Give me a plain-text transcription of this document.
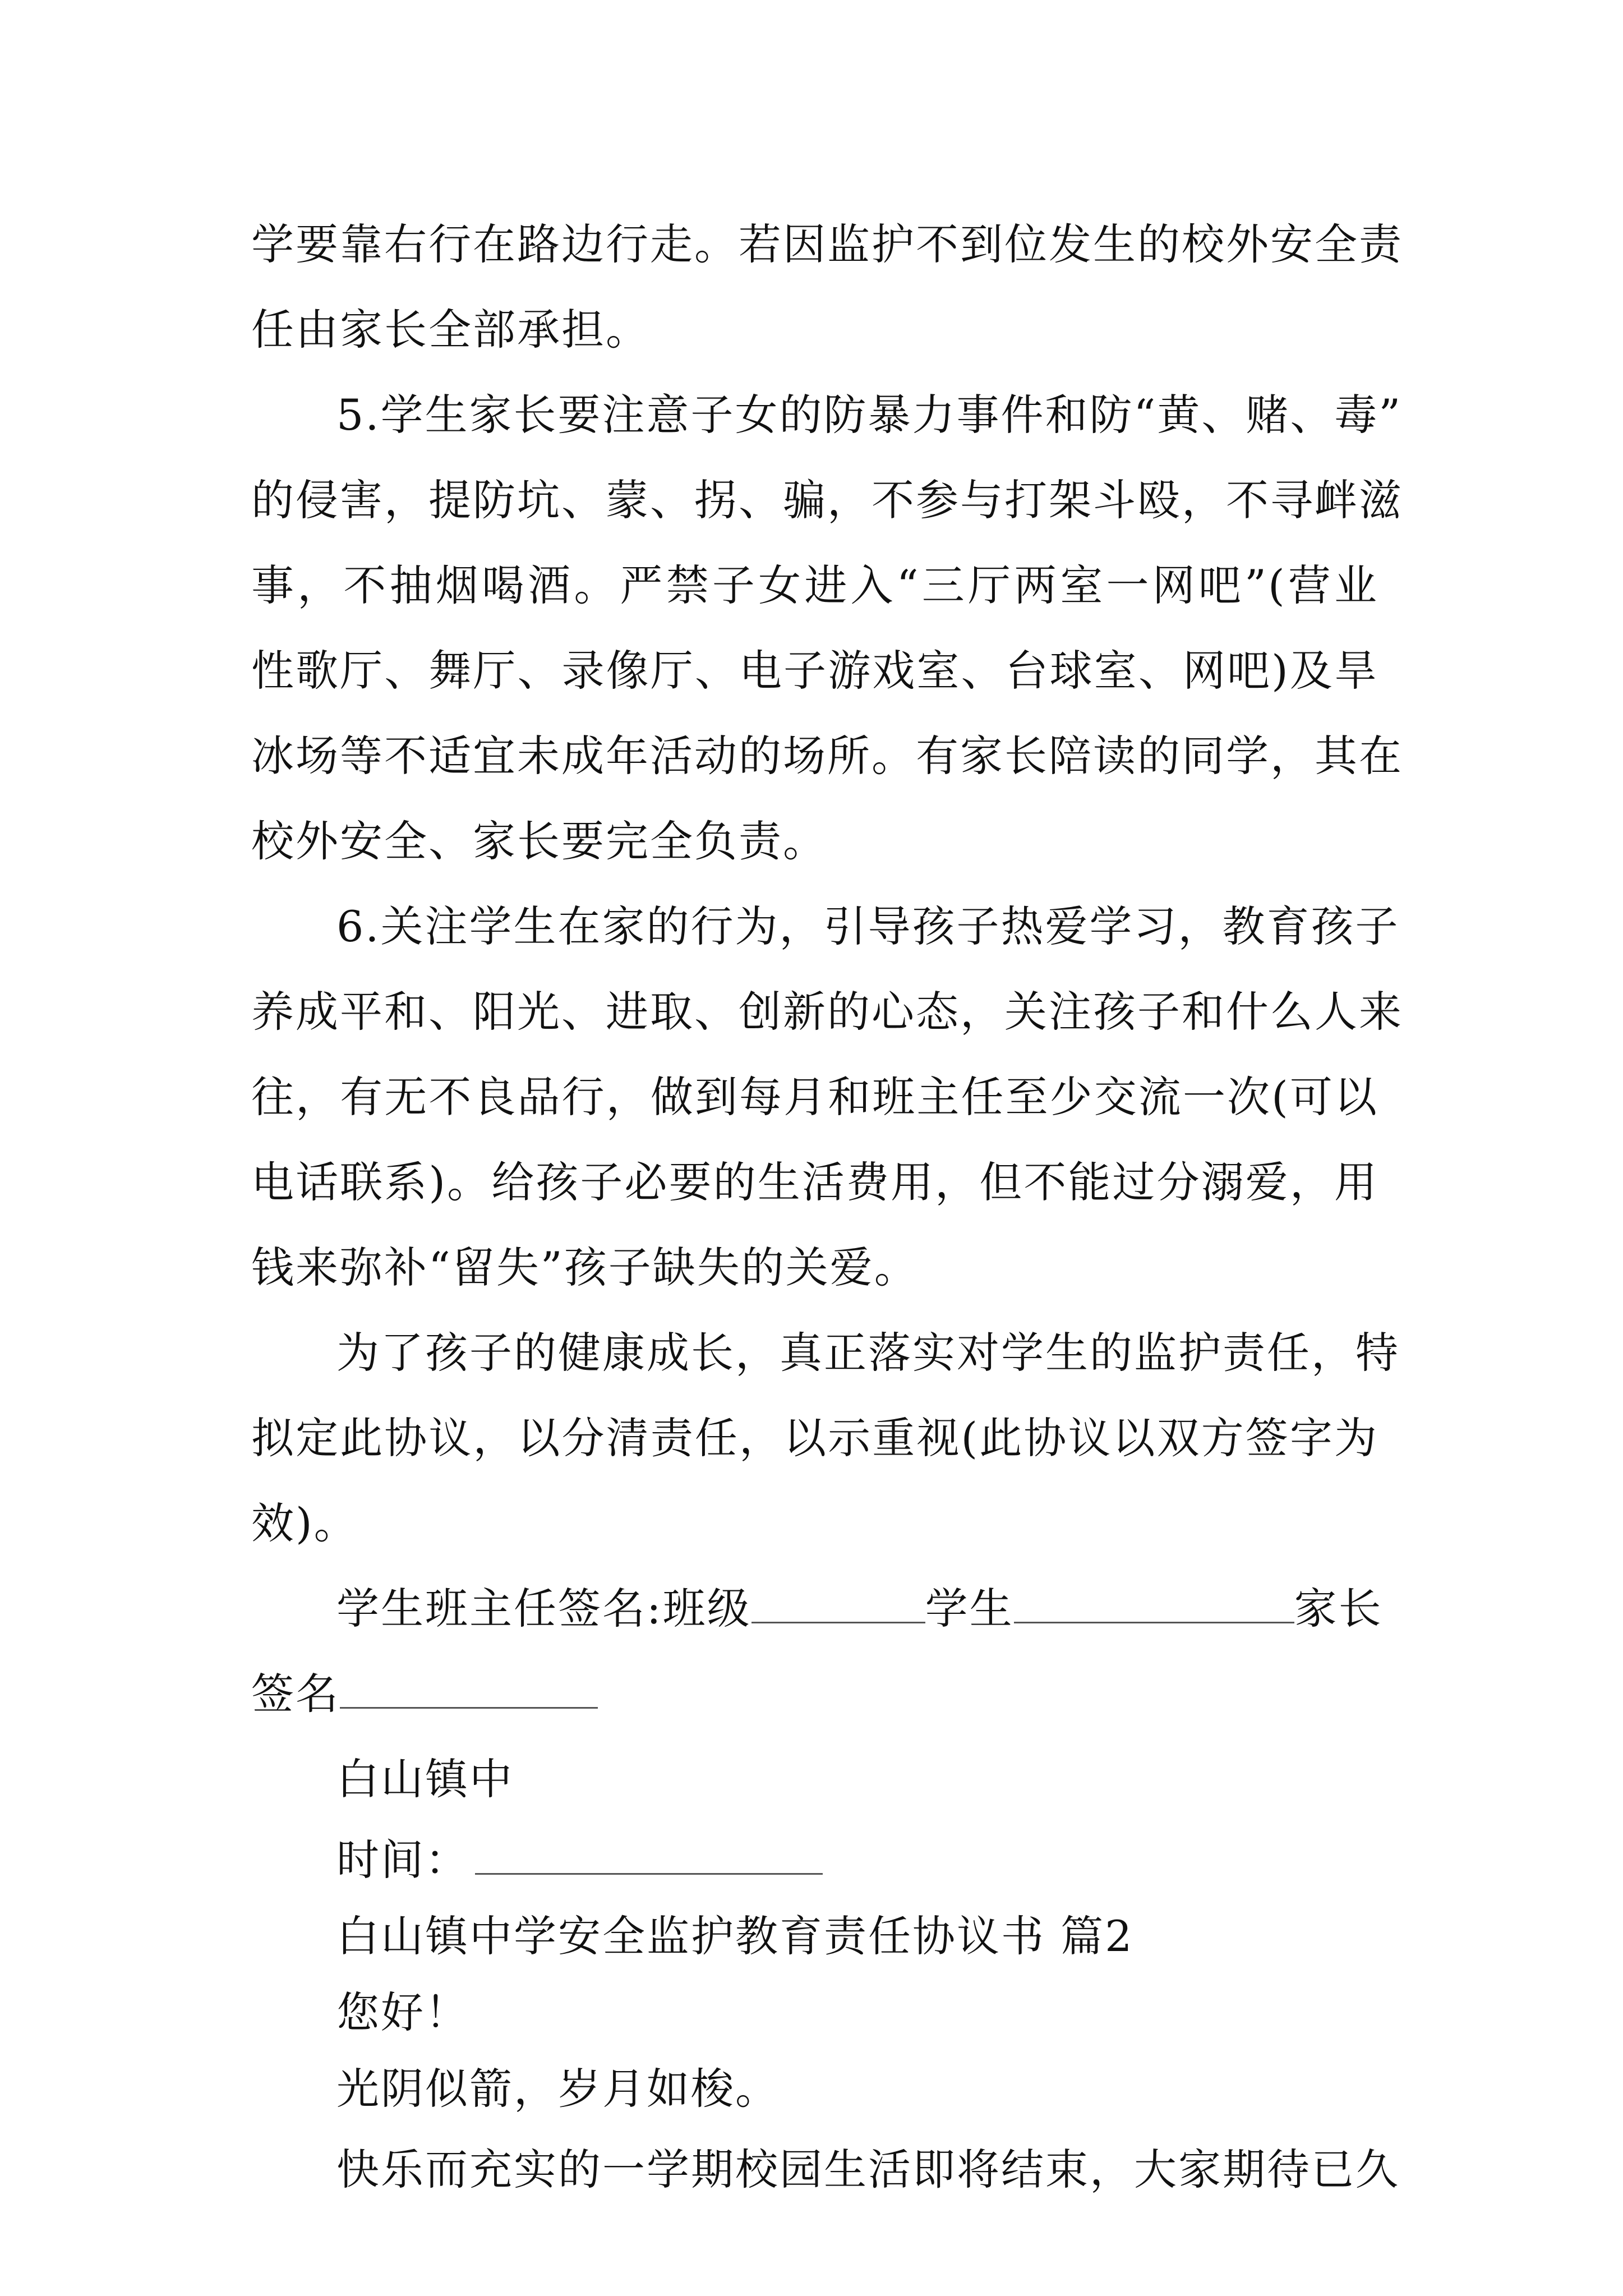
学要靠右行在路边行走。若因监护不到位发生的校外安全责
任由家长全部承担。
5.学生家长要注意子女的防暴力事件和防“黄、赌、毒”
的侵害，提防坑、蒙、拐、骗，不参与打架斗殴，不寻衅滋
事，不抽烟喝酒。严禁子女进入“三厅两室一网吧”(营业
性歌厅、舞厅、录像厅、电子游戏室、台球室、网吧)及旱
冰场等不适宜未成年活动的场所。有家长陪读的同学，其在
校外安全、家长要完全负责。
6.关注学生在家的行为，引导孩子热爱学习，教育孩子
养成平和、阳光、进取、创新的心态，关注孩子和什么人来
往，有无不良品行，做到每月和班主任至少交流一次(可以
电话联系)。给孩子必要的生活费用，但不能过分溺爱，用
钱来弥补“留失”孩子缺失的关爱。
为了孩子的健康成长，真正落实对学生的监护责任，特
拟定此协议，以分清责任，以示重视(此协议以双方签字为
效)。
学生班主任签名:班级	学生	家长
签名
白山镇中
时间：
白山镇中学安全监护教育责任协议书 篇2
您好！
光阴似箭，岁月如梭。
快乐而充实的一学期校园生活即将结束，大家期待已久
